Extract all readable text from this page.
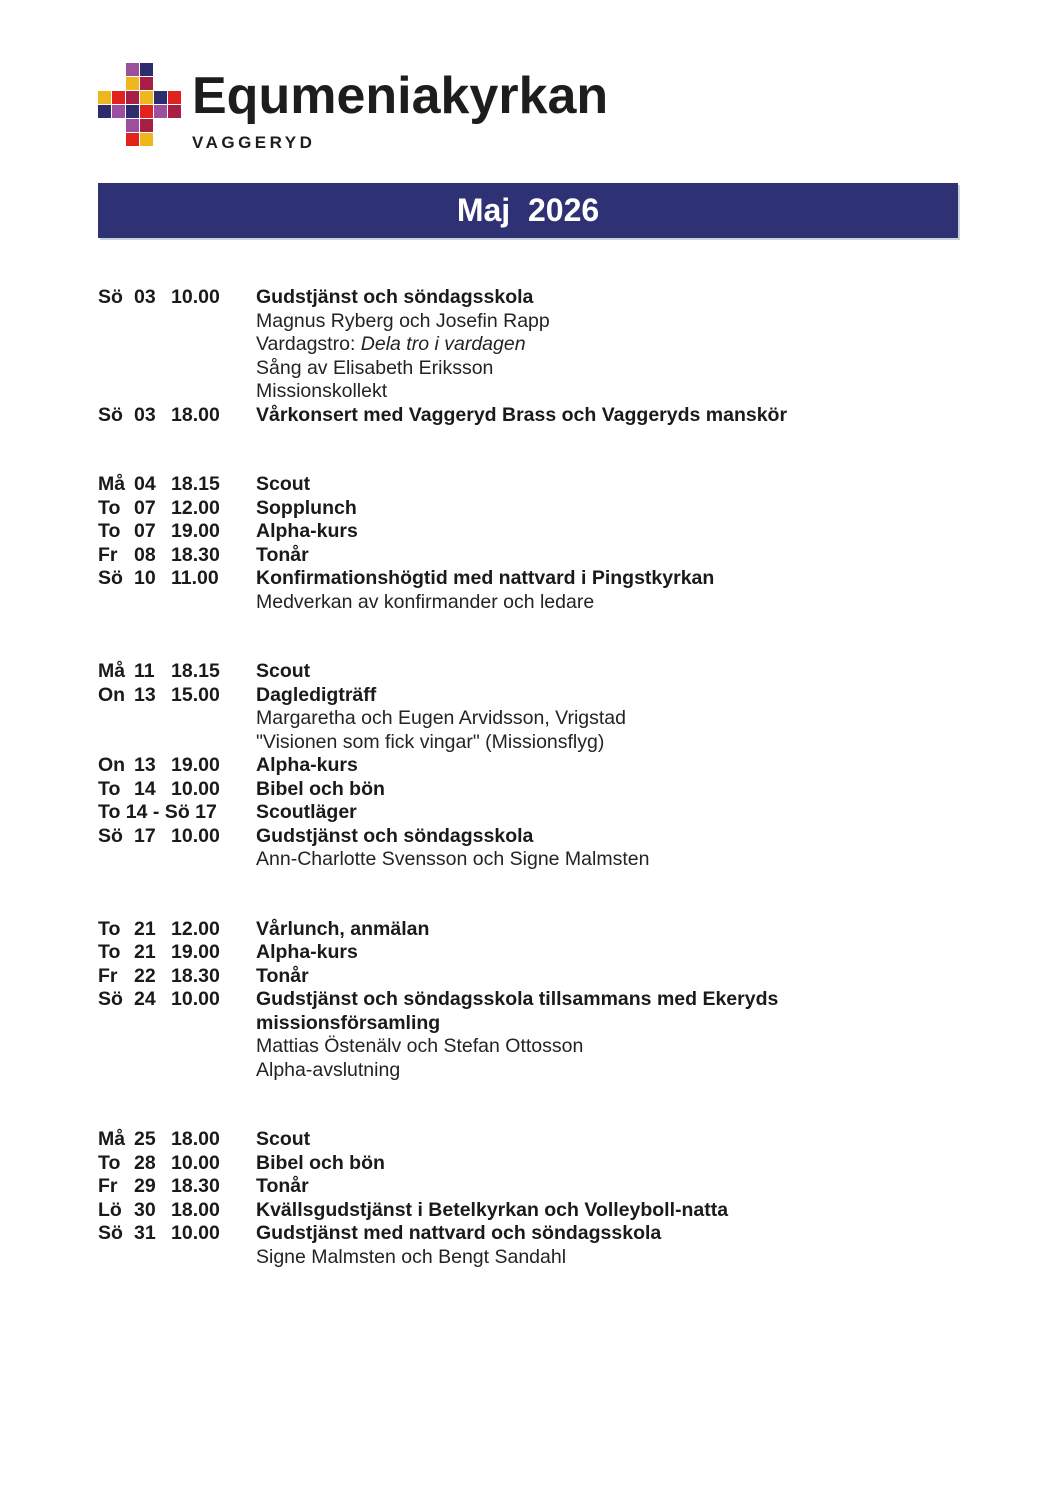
Equmeniakyrkan
VAGGERYD
Maj  2026
Sö 03 10.00	Gudstjänst och söndagsskola
Magnus Ryberg och Josefin Rapp
Vardagstro: Dela tro i vardagen
Sång av Elisabeth Eriksson
Missionskollekt
Sö 03 18.00	Vårkonsert med Vaggeryd Brass och Vaggeryds manskör
Må 04 18.15	Scout
To 07 12.00	Sopplunch
To 07 19.00	Alpha-kurs
Fr 08 18.30	Tonår
Sö 10 11.00	Konfirmationshögtid med nattvard i Pingstkyrkan
Medverkan av konfirmander och ledare
Må 11 18.15	Scout
On 13 15.00	Dagledigträff
Margaretha och Eugen Arvidsson, Vrigstad
"Visionen som fick vingar" (Missionsflyg)
On 13 19.00	Alpha-kurs
To 14 10.00	Bibel och bön
To 14 - Sö 17	Scoutläger
Sö 17 10.00	Gudstjänst och söndagsskola
Ann-Charlotte Svensson och Signe Malmsten
To 21 12.00	Vårlunch, anmälan
To 21 19.00	Alpha-kurs
Fr 22 18.30	Tonår
Sö 24 10.00	Gudstjänst och söndagsskola tillsammans med Ekeryds missionsförsamling
Mattias Östenälv och Stefan Ottosson
Alpha-avslutning
Må 25 18.00	Scout
To 28 10.00	Bibel och bön
Fr 29 18.30	Tonår
Lö 30 18.00	Kvällsgudstjänst i Betelkyrkan och Volleyboll-natta
Sö 31 10.00	Gudstjänst med nattvard och söndagsskola
Signe Malmsten och Bengt Sandahl
